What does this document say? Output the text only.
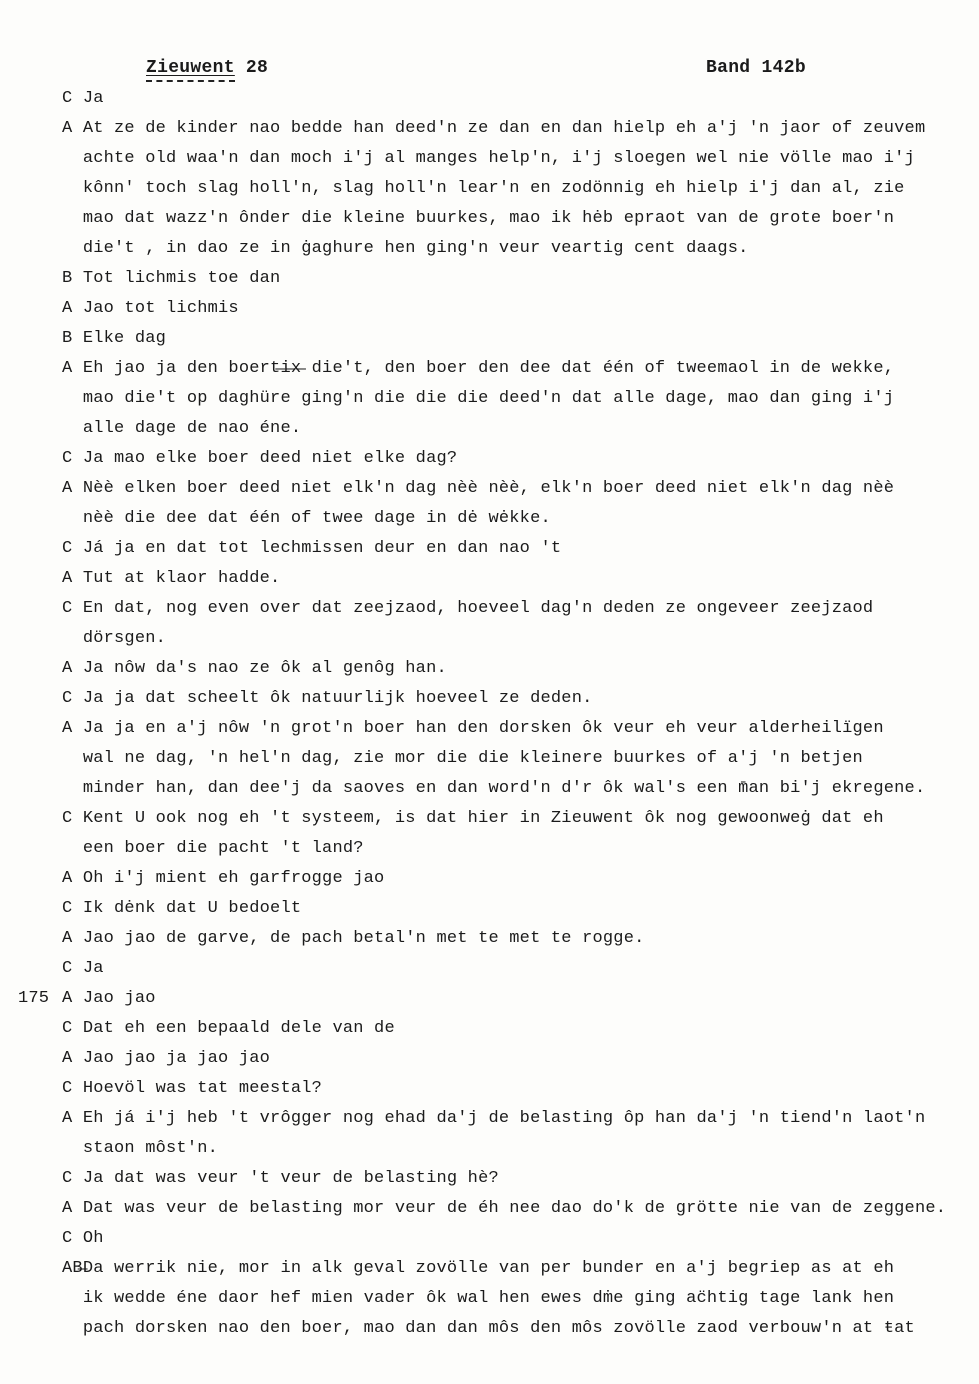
Zieuwent 28	Band 142b
C Ja
A At ze de kinder nao bedde han deed'n ze dan en dan hielp eh a'j 'n jaor of zeuvem
achte old waa'n dan moch i'j al manges help'n, i'j sloegen wel nie völle mao i'j
kônn' toch slag holl'n, slag holl'n lear'n en zodönnig eh hielp i'j dan al, zie
mao dat wazz'n ônder die kleine buurkes, mao ik hėb epraot van de grote boer'n
die't , in dao ze in ġaghure hen ging'n veur veartig cent daags.
B Tot lichmis toe dan
A Jao tot lichmis
B Elke dag
A Eh jao ja den boert̶i̶x̶ die't, den boer den dee dat één of tweemaol in de wekke,
mao die't op daghüre ging'n die die die deed'n dat alle dage, mao dan ging i'j
alle dage de nao éne.
C Ja mao elke boer deed niet elke dag?
A Nèè elken boer deed niet elk'n dag nèè nèè, elk'n boer deed niet elk'n dag nèè
nèè die dee dat één of twee dage in dė wėkke.
C Já ja en dat tot lechmissen deur en dan nao 't
A Tut at klaor hadde.
C En dat, nog even over dat zeejzaod, hoeveel dag'n deden ze ongeveer zeejzaod
dörsgen.
A Ja nôw da's nao ze ôk al genôg han.
C Ja ja dat scheelt ôk natuurlijk hoeveel ze deden.
A Ja ja en a'j nôw 'n grot'n boer han den dorsken ôk veur eh veur alderheilïgen
wal ne dag, 'n hel'n dag, zie mor die die kleinere buurkes of a'j 'n betjen
minder han, dan dee'j da saoves en dan word'n d'r ôk wal's een m̄an bi'j ekregene.
C Kent U ook nog eh 't systeem, is dat hier in Zieuwent ôk nog gewoonweġ dat eh
een boer die pacht 't land?
A Oh i'j mient eh garfrogge jao
C Ik dėnk dat U bedoelt
A Jao jao de garve, de pach betal'n met te met te rogge.
C Ja
175 A Jao jao
C Dat eh een bepaald dele van de
A Jao jao ja jao jao
C Hoevöl was tat meestal?
A Eh já i'j heb 't vrôgger nog ehad da'j de belasting ôp han da'j 'n tiend'n laot'n
staon môst'n.
C Ja dat was veur 't veur de belasting hè?
A Dat was veur de belasting mor veur de éh nee dao do'k de grötte nie van de zeggene.
C Oh
AB̶Da werrik nie, mor in alk geval zovölle van per bunder en a'j begriep as at eh
ik wedde éne daor hef mien vader ôk wal hen ewes dṁe ging ac̈htig tage lank hen
pach dorsken nao den boer, mao dan dan môs den môs zovölle zaod verbouw'n at ŧat
